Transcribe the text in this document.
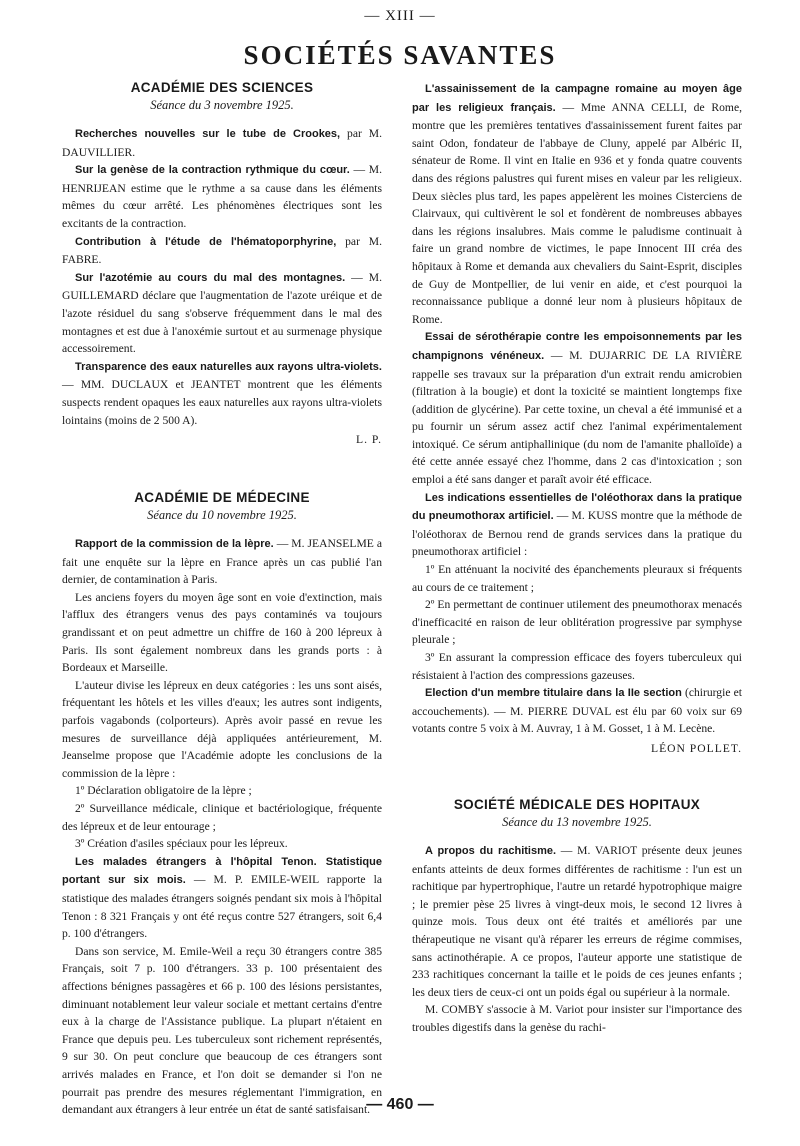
— XIII —
SOCIÉTÉS SAVANTES
ACADÉMIE DES SCIENCES
Séance du 3 novembre 1925.

Recherches nouvelles sur le tube de Crookes, par M. DAUVILLIER.

Sur la genèse de la contraction rythmique du cœur. — M. HENRIJEAN estime que le rythme a sa cause dans les éléments mêmes du cœur arrêté. Les phénomènes électriques sont les excitants de la contraction.

Contribution à l'étude de l'hématoporphyrine, par M. FABRE.

Sur l'azotémie au cours du mal des montagnes. — M. GUILLEMARD déclare que l'augmentation de l'azote uréique et de l'azote résiduel du sang s'observe fréquemment dans le mal des montagnes et est due à l'anoxémie surtout et au surmenage physique accessoirement.

Transparence des eaux naturelles aux rayons ultra-violets. — MM. DUCLAUX et JEANTET montrent que les éléments suspects rendent opaques les eaux naturelles aux rayons ultra-violets lointains (moins de 2 500 A).

L. P.
ACADÉMIE DE MÉDECINE
Séance du 10 novembre 1925.

Rapport de la commission de la lèpre. — M. JEANSELME a fait une enquête sur la lèpre en France après un cas publié l'an dernier, de contamination à Paris.

Les anciens foyers du moyen âge sont en voie d'extinction, mais l'afflux des étrangers venus des pays contaminés va toujours grandissant et on peut admettre un chiffre de 160 à 200 lépreux à Paris. Ils sont également nombreux dans les grands ports : à Bordeaux et Marseille.

L'auteur divise les lépreux en deux catégories : les uns sont aisés, fréquentant les hôtels et les villes d'eaux; les autres sont indigents, parfois vagabonds (colporteurs). Après avoir passé en revue les mesures de surveillance déjà appliquées antérieurement, M. Jeanselme propose que l'Académie adopte les conclusions de la commission de la lèpre :

1º Déclaration obligatoire de la lèpre ;

2º Surveillance médicale, clinique et bactériologique, fréquente des lépreux et de leur entourage ;

3º Création d'asiles spéciaux pour les lépreux.

Les malades étrangers à l'hôpital Tenon. Statistique portant sur six mois. — M. P. EMILE-WEIL rapporte la statistique des malades étrangers soignés pendant six mois à l'hôpital Tenon : 8 321 Français y ont été reçus contre 527 étrangers, soit 6,4 p. 100 d'étrangers.

Dans son service, M. Emile-Weil a reçu 30 étrangers contre 385 Français, soit 7 p. 100 d'étrangers. 33 p. 100 présentaient des affections bénignes passagères et 66 p. 100 des lésions persistantes, diminuant notablement leur valeur sociale et mettant certains d'entre eux à la charge de l'Assistance publique. La plupart n'étaient en France que depuis peu. Les tuberculeux sont richement représentés, 9 sur 30. On peut conclure que beaucoup de ces étrangers sont arrivés malades en France, et l'on doit se demander si l'on ne pourrait pas prendre des mesures réglementant l'immigration, en demandant aux étrangers à leur entrée un état de santé satisfaisant.

L'assainissement de la campagne romaine au moyen âge par les religieux français. — Mme ANNA CELLI, de Rome, montre que les premières tentatives d'assainissement furent faites par saint Odon, fondateur de l'abbaye de Cluny, appelé par Albéric II, sénateur de Rome. Il vint en Italie en 936 et y fonda quatre couvents dans des régions palustres qui furent mises en valeur par les religieux. Deux siècles plus tard, les papes appelèrent les moines Cisterciens de Clairvaux, qui cultivèrent le sol et fondèrent de nombreuses abbayes dans les régions insalubres. Mais comme le paludisme continuait à faire un grand nombre de victimes, le pape Innocent III créa des hôpitaux à Rome et demanda aux chevaliers du Saint-Esprit, disciples de Guy de Montpellier, de lui venir en aide, et c'est pourquoi la reconnaissance publique a donné leur nom à plusieurs hôpitaux de Rome.

Essai de sérothérapie contre les empoisonnements par les champignons vénéneux. — M. DUJARRIC DE LA RIVIÈRE rappelle ses travaux sur la préparation d'un extrait rendu amicrobien (filtration à la bougie) et dont la toxicité se maintient longtemps fixe (addition de glycérine). Par cette toxine, un cheval a été immunisé et a pu fournir un sérum assez actif chez l'animal expérimentalement intoxiqué. Ce sérum antiphallinique (du nom de l'amanite phalloïde) a été cette année essayé chez l'homme, dans 2 cas d'intoxication ; son emploi a été sans danger et paraît avoir été efficace.

Les indications essentielles de l'oléothorax dans la pratique du pneumothorax artificiel. — M. KUSS montre que la méthode de l'oléothorax de Bernou rend de grands services dans la pratique du pneumothorax artificiel :

1º En atténuant la nocivité des épanchements pleuraux si fréquents au cours de ce traitement ;

2º En permettant de continuer utilement des pneumothorax menacés d'inefficacité en raison de leur oblitération progressive par symphyse pleurale ;

3º En assurant la compression efficace des foyers tuberculeux qui résistaient à l'action des compressions gazeuses.

Election d'un membre titulaire dans la IIe section (chirurgie et accouchements). — M. PIERRE DUVAL est élu par 60 voix sur 69 votants contre 5 voix à M. Auvray, 1 à M. Gosset, 1 à M. Lecène.

LÉON POLLET.
SOCIÉTÉ MÉDICALE DES HOPITAUX
Séance du 13 novembre 1925.

A propos du rachitisme. — M. VARIOT présente deux jeunes enfants atteints de deux formes différentes de rachitisme : l'un est un rachitique par hypertrophique, l'autre un retardé hypotrophique maigre ; le premier pèse 25 livres à vingt-deux mois, le second 12 livres à quinze mois. Tous deux ont été traités et améliorés par une thérapeutique ne visant qu'à réparer les erreurs de régime commises, sans actinothérapie. A ce propos, l'auteur apporte une statistique de 233 rachitiques concernant la taille et le poids de ces jeunes enfants ; les deux tiers de ceux-ci ont un poids égal ou supérieur à la normale.

M. COMBY s'associe à M. Variot pour insister sur l'importance des troubles digestifs dans la genèse du rachi-

— 460 —
